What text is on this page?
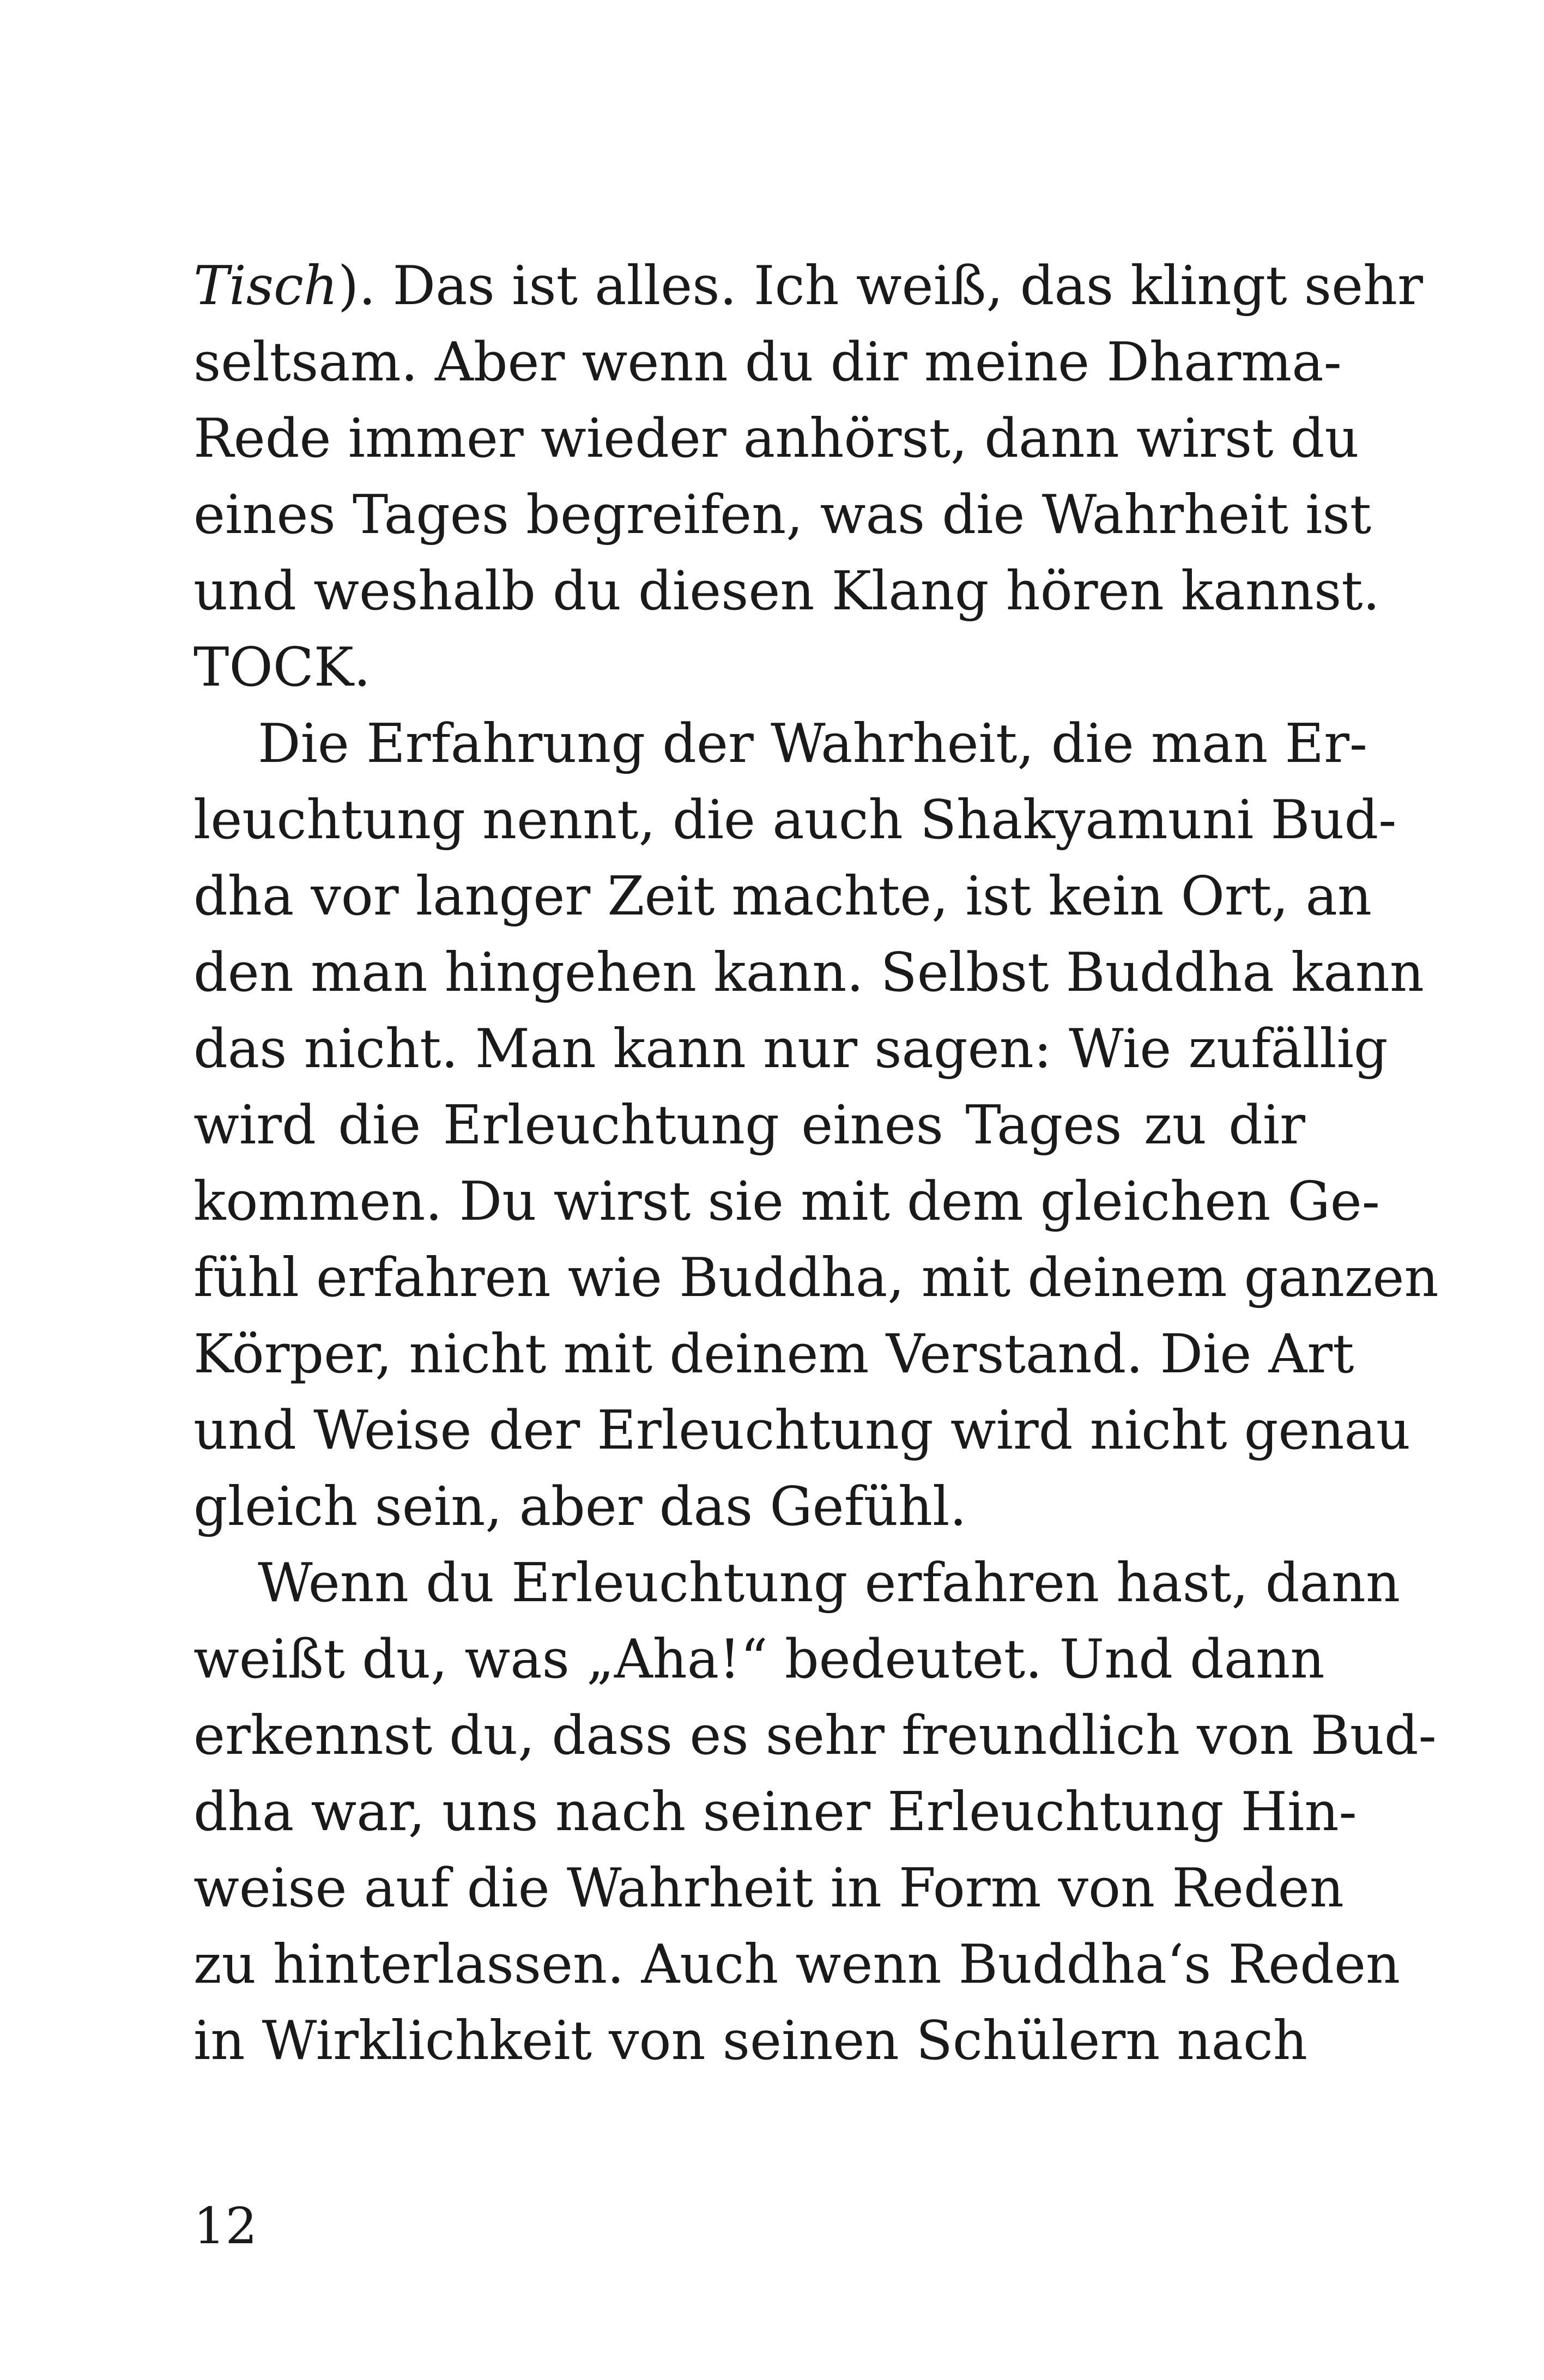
Tisch). Das ist alles. Ich weiß, das klingt sehr
seltsam. Aber wenn du dir meine Dharma-
Rede immer wieder anhörst, dann wirst du
eines Tages begreifen, was die Wahrheit ist
und weshalb du diesen Klang hören kannst.
TOCK.
Die Erfahrung der Wahrheit, die man Er-
leuchtung nennt, die auch Shakyamuni Bud-
dha vor langer Zeit machte, ist kein Ort, an
den man hingehen kann. Selbst Buddha kann
das nicht. Man kann nur sagen: Wie zufällig
wird die Erleuchtung eines Tages zu dir
kommen. Du wirst sie mit dem gleichen Ge-
fühl erfahren wie Buddha, mit deinem ganzen
Körper, nicht mit deinem Verstand. Die Art
und Weise der Erleuchtung wird nicht genau
gleich sein, aber das Gefühl.
Wenn du Erleuchtung erfahren hast, dann
weißt du, was „Aha!“ bedeutet. Und dann
erkennst du, dass es sehr freundlich von Bud-
dha war, uns nach seiner Erleuchtung Hin-
weise auf die Wahrheit in Form von Reden
zu hinterlassen. Auch wenn Buddha‘s Reden
in Wirklichkeit von seinen Schülern nach
12
